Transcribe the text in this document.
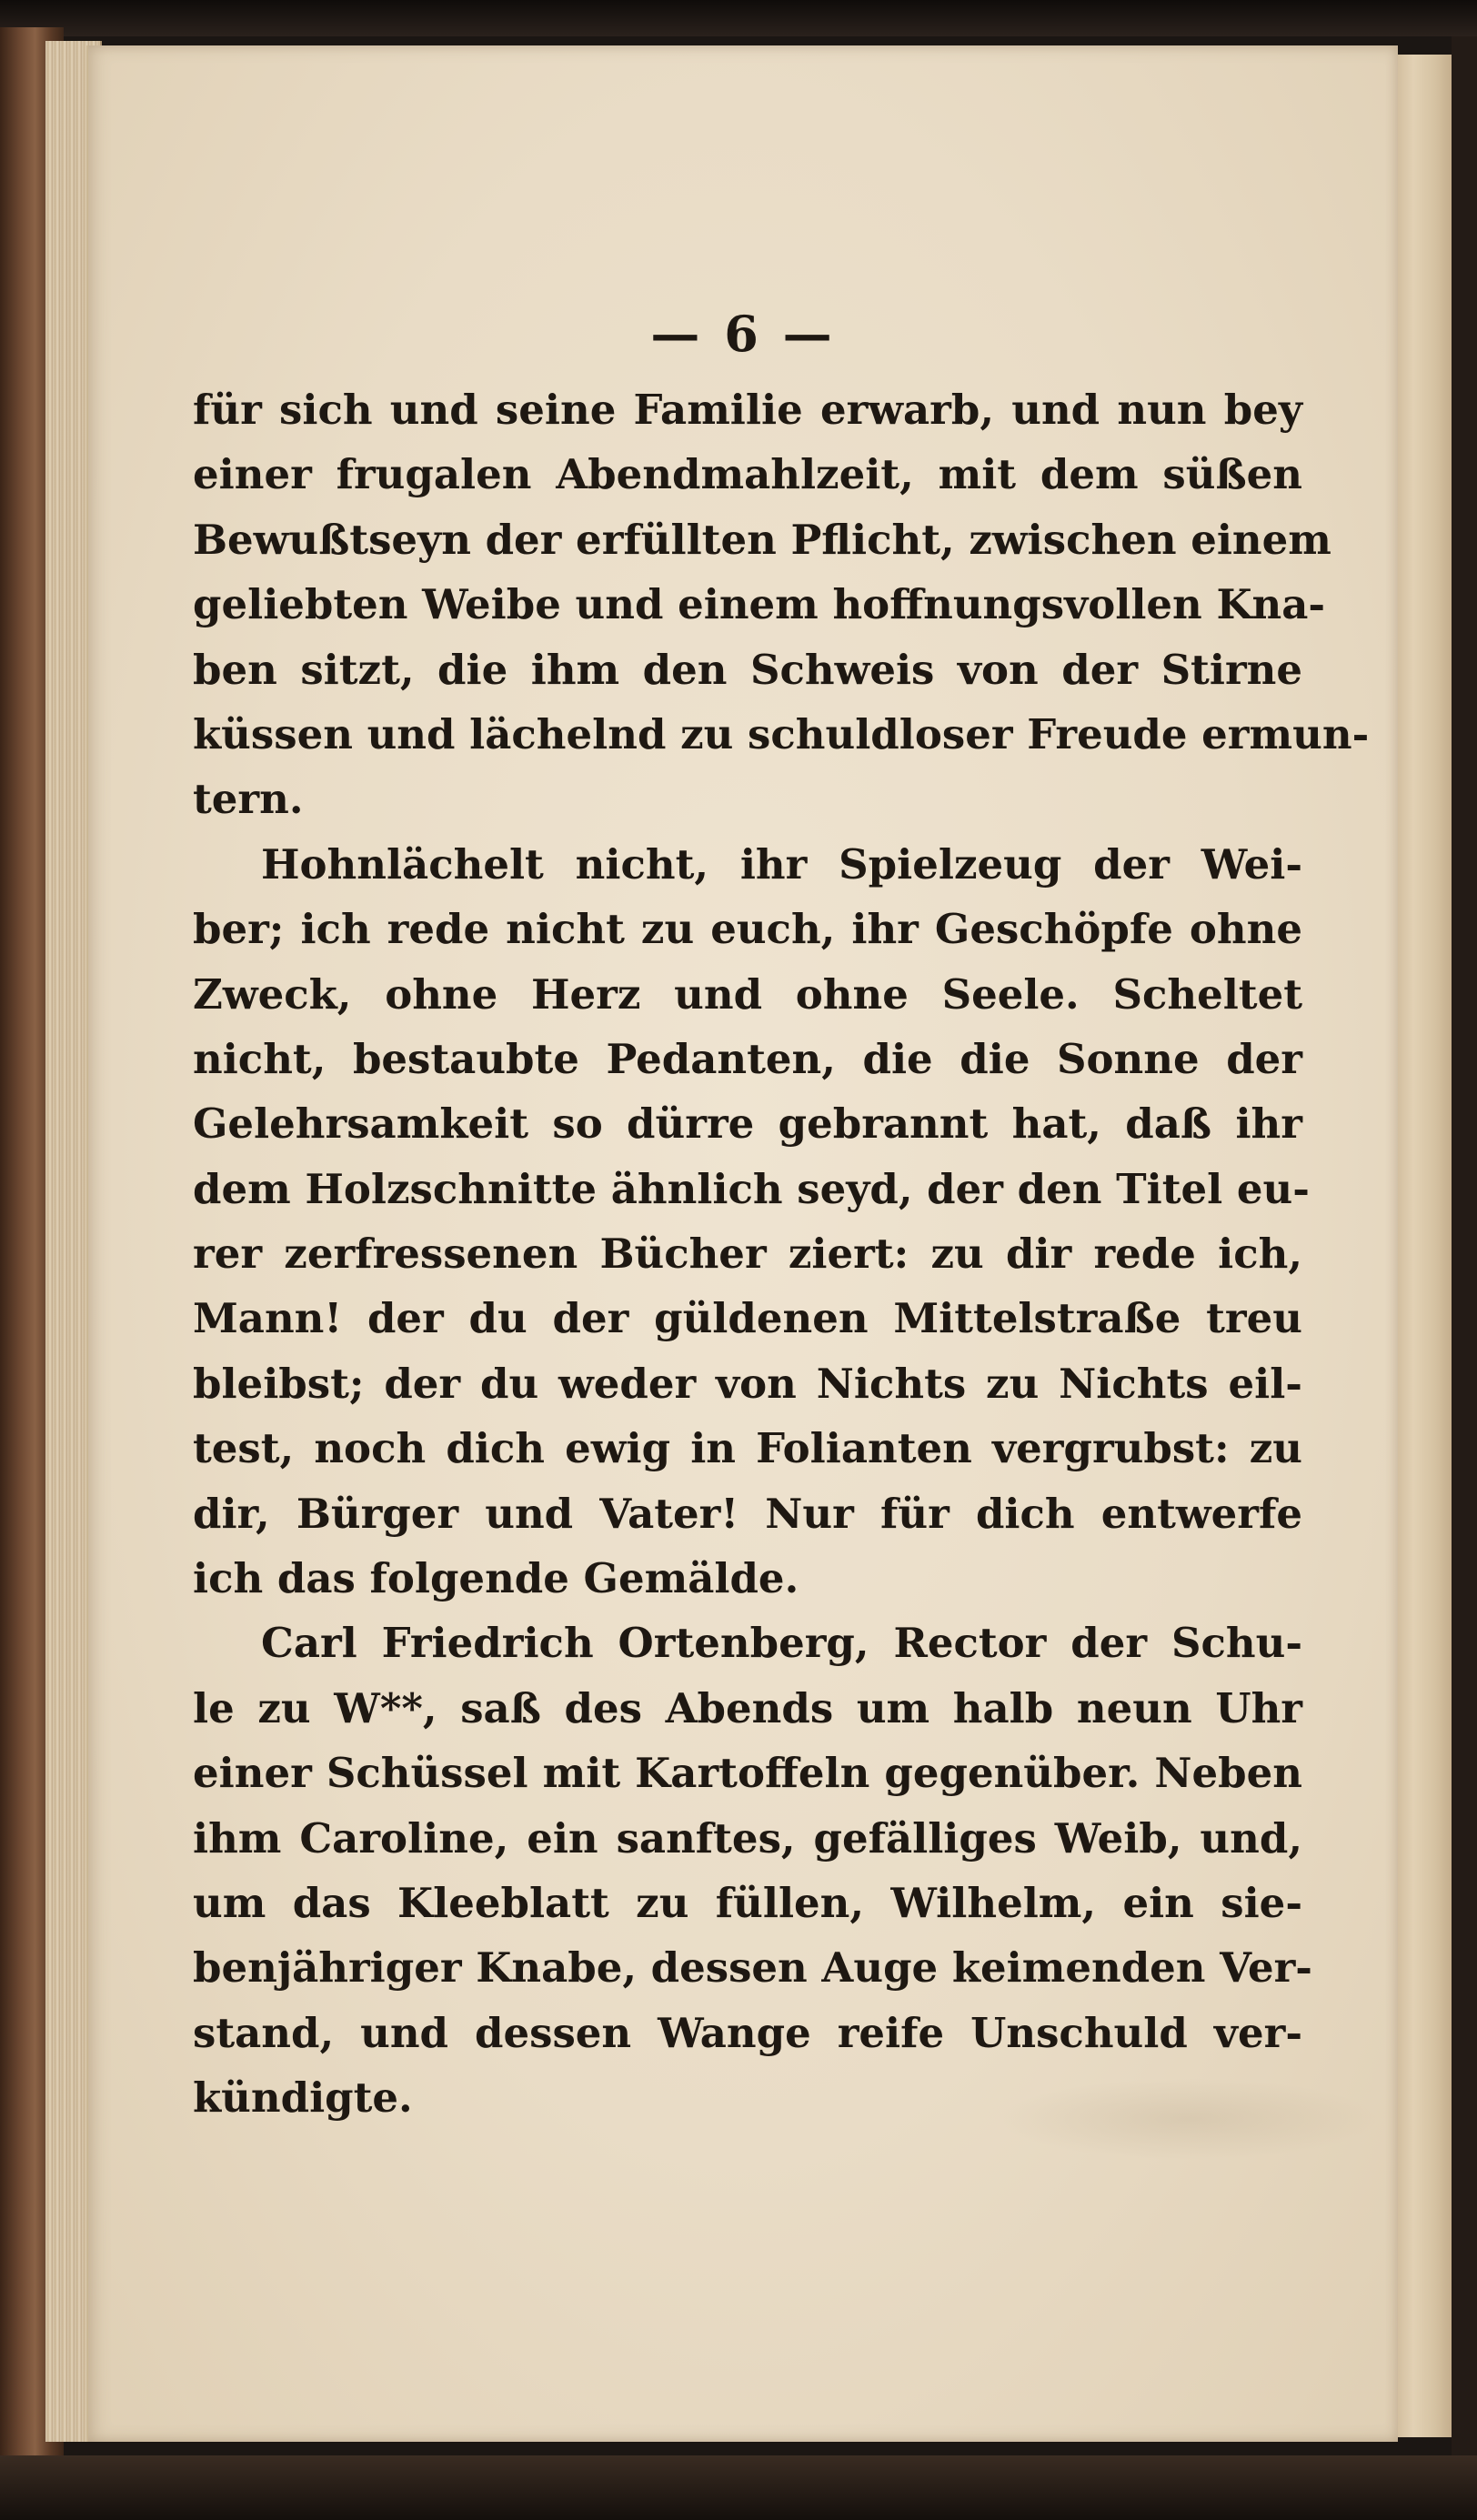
— 6 —
für sich und seine Familie erwarb, und nun bey
einer frugalen Abendmahlzeit, mit dem süßen
Bewußtseyn der erfüllten Pflicht, zwischen einem
geliebten Weibe und einem hoffnungsvollen Kna-
ben sitzt, die ihm den Schweis von der Stirne
küssen und lächelnd zu schuldloser Freude ermun-
tern.
Hohnlächelt nicht, ihr Spielzeug der Wei-
ber; ich rede nicht zu euch, ihr Geschöpfe ohne
Zweck, ohne Herz und ohne Seele. Scheltet
nicht, bestaubte Pedanten, die die Sonne der
Gelehrsamkeit so dürre gebrannt hat, daß ihr
dem Holzschnitte ähnlich seyd, der den Titel eu-
rer zerfressenen Bücher ziert: zu dir rede ich,
Mann! der du der güldenen Mittelstraße treu
bleibst; der du weder von Nichts zu Nichts eil-
test, noch dich ewig in Folianten vergrubst: zu
dir, Bürger und Vater! Nur für dich entwerfe
ich das folgende Gemälde.
Carl Friedrich Ortenberg, Rector der Schu-
le zu W**, saß des Abends um halb neun Uhr
einer Schüssel mit Kartoffeln gegenüber. Neben
ihm Caroline, ein sanftes, gefälliges Weib, und,
um das Kleeblatt zu füllen, Wilhelm, ein sie-
benjähriger Knabe, dessen Auge keimenden Ver-
stand, und dessen Wange reife Unschuld ver-
kündigte.
